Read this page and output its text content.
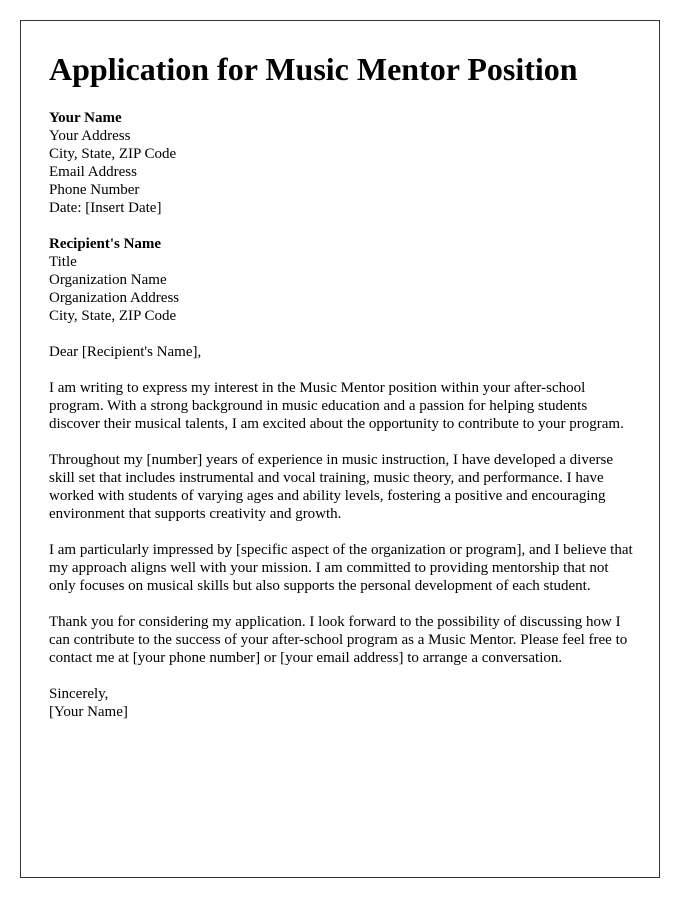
Application for Music Mentor Position
Your Name
Your Address
City, State, ZIP Code
Email Address
Phone Number
Date: [Insert Date]
Recipient's Name
Title
Organization Name
Organization Address
City, State, ZIP Code
Dear [Recipient's Name],

I am writing to express my interest in the Music Mentor position within your after-school program. With a strong background in music education and a passion for helping students discover their musical talents, I am excited about the opportunity to contribute to your program.

Throughout my [number] years of experience in music instruction, I have developed a diverse skill set that includes instrumental and vocal training, music theory, and performance. I have worked with students of varying ages and ability levels, fostering a positive and encouraging environment that supports creativity and growth.

I am particularly impressed by [specific aspect of the organization or program], and I believe that my approach aligns well with your mission. I am committed to providing mentorship that not only focuses on musical skills but also supports the personal development of each student.

Thank you for considering my application. I look forward to the possibility of discussing how I can contribute to the success of your after-school program as a Music Mentor. Please feel free to contact me at [your phone number] or [your email address] to arrange a conversation.

Sincerely,
[Your Name]
